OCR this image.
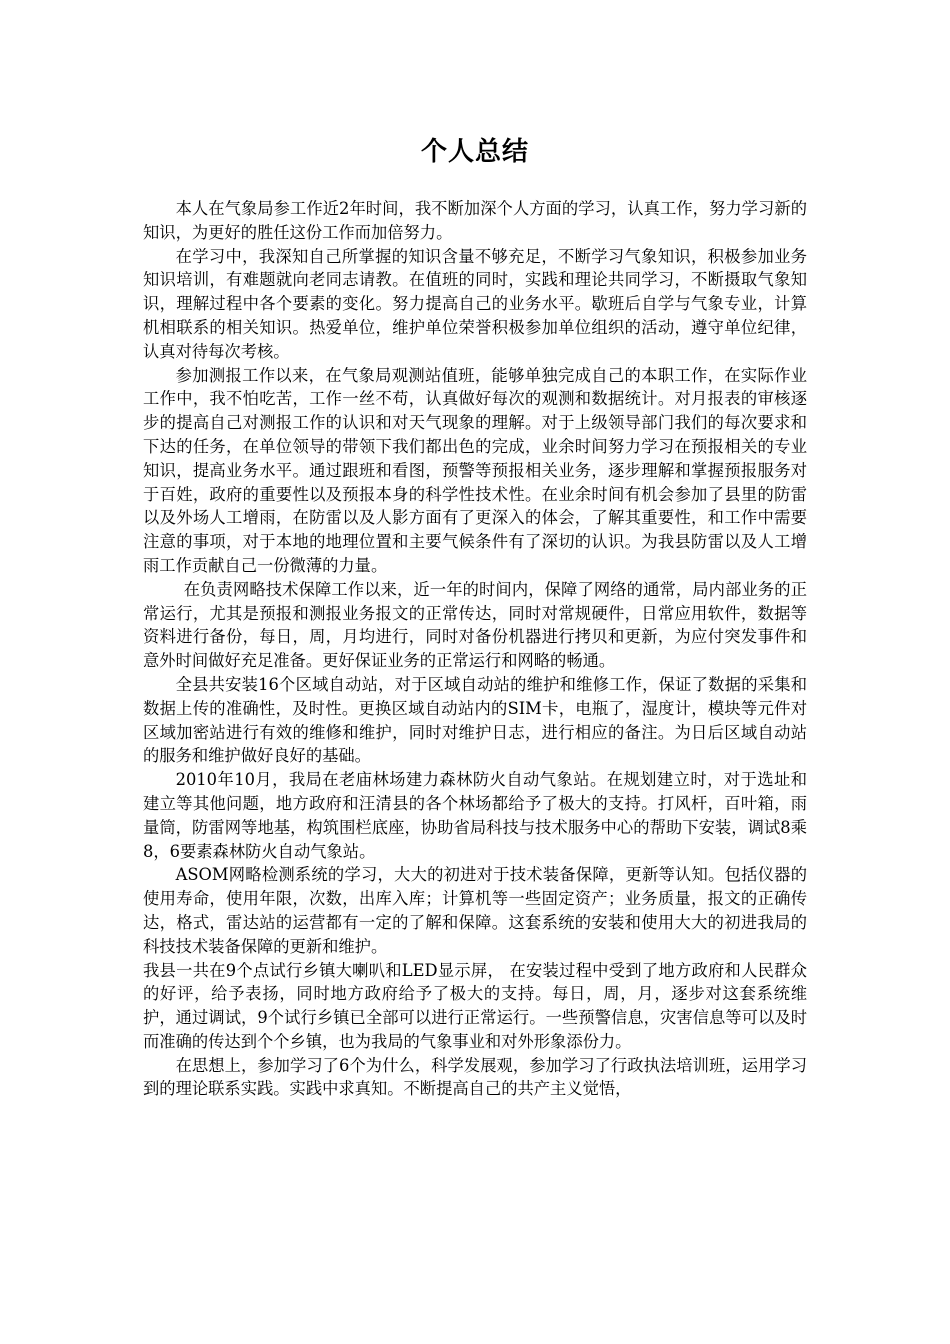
个人总结

本人在气象局参工作近2年时间，我不断加深个人方面的学习，认真工作，努力学习新的知识，为更好的胜任这份工作而加倍努力。

在学习中，我深知自己所掌握的知识含量不够充足，不断学习气象知识，积极参加业务知识培训，有难题就向老同志请教。在值班的同时，实践和理论共同学习，不断摄取气象知识，理解过程中各个要素的变化。努力提高自己的业务水平。歇班后自学与气象专业，计算机相联系的相关知识。热爱单位，维护单位荣誉积极参加单位组织的活动，遵守单位纪律，认真对待每次考核。

参加测报工作以来，在气象局观测站值班，能够单独完成自己的本职工作，在实际作业工作中，我不怕吃苦，工作一丝不苟，认真做好每次的观测和数据统计。对月报表的审核逐步的提高自己对测报工作的认识和对天气现象的理解。对于上级领导部门我们的每次要求和下达的任务，在单位领导的带领下我们都出色的完成，业余时间努力学习在预报相关的专业知识，提高业务水平。通过跟班和看图，预警等预报相关业务，逐步理解和掌握预报服务对于百姓，政府的重要性以及预报本身的科学性技术性。在业余时间有机会参加了县里的防雷以及外场人工增雨，在防雷以及人影方面有了更深入的体会，了解其重要性，和工作中需要注意的事项，对于本地的地理位置和主要气候条件有了深切的认识。为我县防雷以及人工增雨工作贡献自己一份微薄的力量。

在负责网略技术保障工作以来，近一年的时间内，保障了网络的通常，局内部业务的正常运行，尤其是预报和测报业务报文的正常传达，同时对常规硬件，日常应用软件，数据等资料进行备份，每日，周，月均进行，同时对备份机器进行拷贝和更新，为应付突发事件和意外时间做好充足准备。更好保证业务的正常运行和网略的畅通。

全县共安装16个区域自动站，对于区域自动站的维护和维修工作，保证了数据的采集和数据上传的准确性，及时性。更换区域自动站内的SIM卡，电瓶了，湿度计，模块等元件对区域加密站进行有效的维修和维护，同时对维护日志，进行相应的备注。为日后区域自动站的服务和维护做好良好的基础。

2010年10月，我局在老庙林场建力森林防火自动气象站。在规划建立时，对于选址和建立等其他问题，地方政府和汪清县的各个林场都给予了极大的支持。打风杆，百叶箱，雨量筒，防雷网等地基，构筑围栏底座，协助省局科技与技术服务中心的帮助下安装，调试8乘8，6要素森林防火自动气象站。

ASOM网略检测系统的学习，大大的初进对于技术装备保障，更新等认知。包括仪器的使用寿命，使用年限，次数，出库入库；计算机等一些固定资产；业务质量，报文的正确传达，格式，雷达站的运营都有一定的了解和保障。这套系统的安装和使用大大的初进我局的科技技术装备保障的更新和维护。

我县一共在9个点试行乡镇大喇叭和LED显示屏， 在安装过程中受到了地方政府和人民群众的好评，给予表扬，同时地方政府给予了极大的支持。每日，周，月，逐步对这套系统维护，通过调试，9个试行乡镇已全部可以进行正常运行。一些预警信息，灾害信息等可以及时而准确的传达到个个乡镇，也为我局的气象事业和对外形象添份力。

在思想上，参加学习了6个为什么，科学发展观，参加学习了行政执法培训班，运用学习到的理论联系实践。实践中求真知。不断提高自己的共产主义觉悟，
